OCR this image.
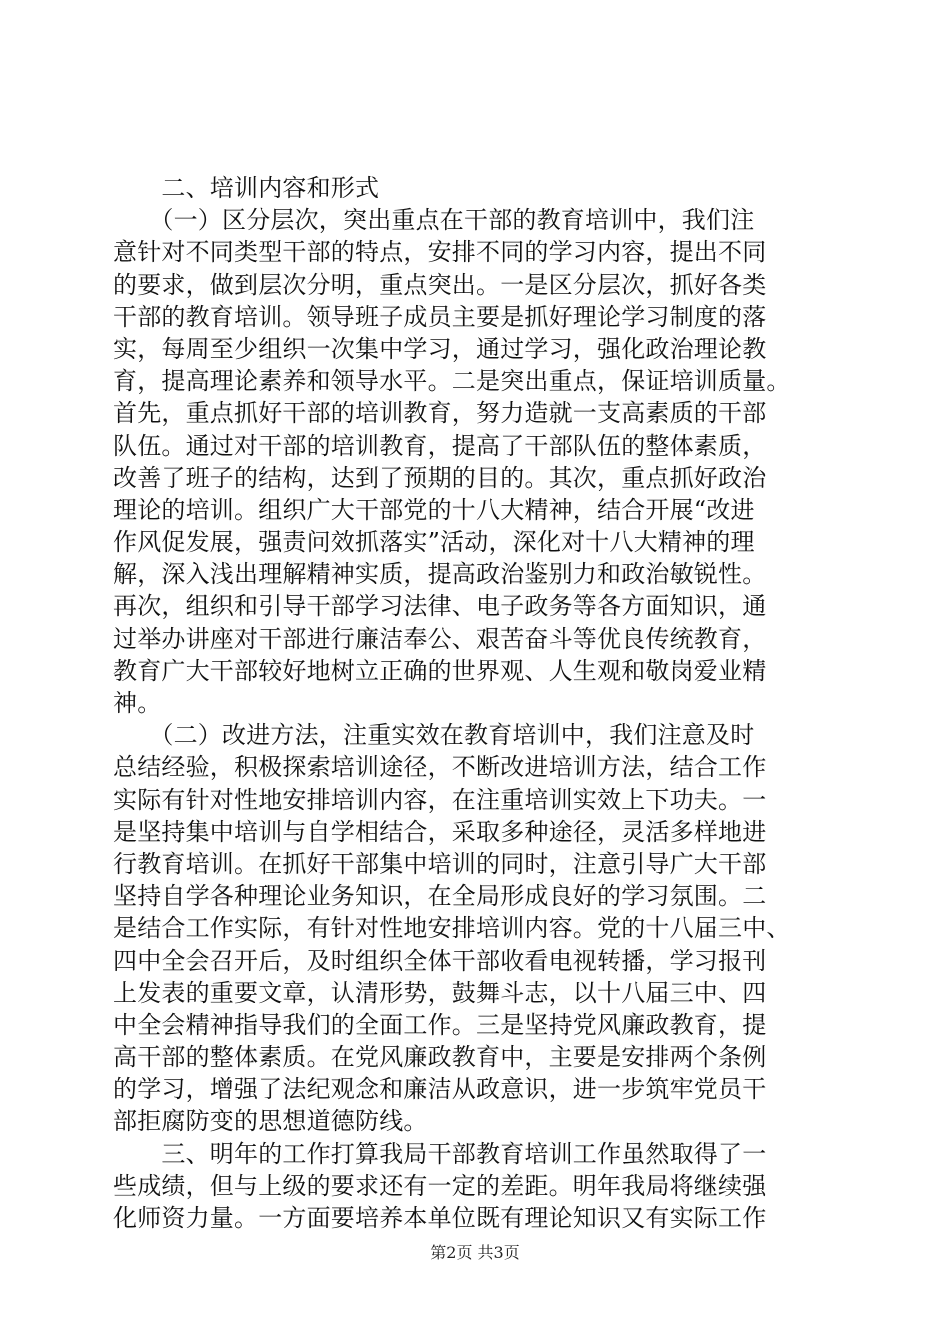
　　二、培训内容和形式
　　（一）区分层次，突出重点在干部的教育培训中，我们注
意针对不同类型干部的特点，安排不同的学习内容，提出不同
的要求，做到层次分明，重点突出。一是区分层次，抓好各类
干部的教育培训。领导班子成员主要是抓好理论学习制度的落
实，每周至少组织一次集中学习，通过学习，强化政治理论教
育，提高理论素养和领导水平。二是突出重点，保证培训质量。
首先，重点抓好干部的培训教育，努力造就一支高素质的干部
队伍。通过对干部的培训教育，提高了干部队伍的整体素质，
改善了班子的结构，达到了预期的目的。其次，重点抓好政治
理论的培训。组织广大干部党的十八大精神，结合开展“改进
作风促发展，强责问效抓落实”活动，深化对十八大精神的理
解，深入浅出理解精神实质，提高政治鉴别力和政治敏锐性。
再次，组织和引导干部学习法律、电子政务等各方面知识，通
过举办讲座对干部进行廉洁奉公、艰苦奋斗等优良传统教育，
教育广大干部较好地树立正确的世界观、人生观和敬岗爱业精
神。
　　（二）改进方法，注重实效在教育培训中，我们注意及时
总结经验，积极探索培训途径，不断改进培训方法，结合工作
实际有针对性地安排培训内容，在注重培训实效上下功夫。一
是坚持集中培训与自学相结合，采取多种途径，灵活多样地进
行教育培训。在抓好干部集中培训的同时，注意引导广大干部
坚持自学各种理论业务知识，在全局形成良好的学习氛围。二
是结合工作实际，有针对性地安排培训内容。党的十八届三中、
四中全会召开后，及时组织全体干部收看电视转播，学习报刊
上发表的重要文章，认清形势，鼓舞斗志，以十八届三中、四
中全会精神指导我们的全面工作。三是坚持党风廉政教育，提
高干部的整体素质。在党风廉政教育中，主要是安排两个条例
的学习，增强了法纪观念和廉洁从政意识，进一步筑牢党员干
部拒腐防变的思想道德防线。
　　三、明年的工作打算我局干部教育培训工作虽然取得了一
些成绩，但与上级的要求还有一定的差距。明年我局将继续强
化师资力量。一方面要培养本单位既有理论知识又有实际工作
第2页 共3页
